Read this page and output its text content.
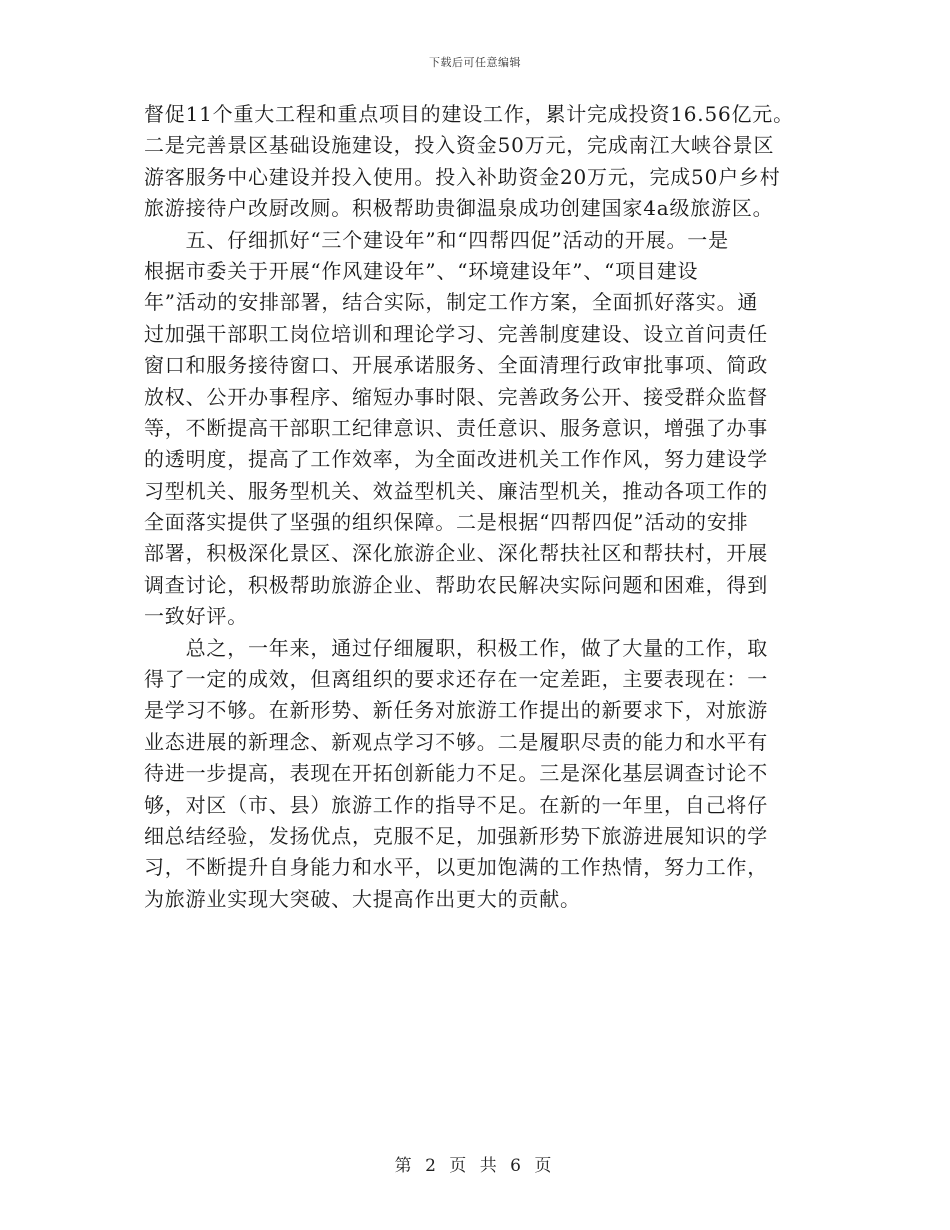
下载后可任意编辑
督促11个重大工程和重点项目的建设工作，累计完成投资16.56亿元。
二是完善景区基础设施建设，投入资金50万元，完成南江大峡谷景区
游客服务中心建设并投入使用。投入补助资金20万元，完成50户乡村
旅游接待户改厨改厕。积极帮助贵御温泉成功创建国家4a级旅游区。
　　五、仔细抓好“三个建设年”和“四帮四促”活动的开展。一是
根据市委关于开展“作风建设年”、“环境建设年”、“项目建设
年”活动的安排部署，结合实际，制定工作方案，全面抓好落实。通
过加强干部职工岗位培训和理论学习、完善制度建设、设立首问责任
窗口和服务接待窗口、开展承诺服务、全面清理行政审批事项、简政
放权、公开办事程序、缩短办事时限、完善政务公开、接受群众监督
等，不断提高干部职工纪律意识、责任意识、服务意识，增强了办事
的透明度，提高了工作效率，为全面改进机关工作作风，努力建设学
习型机关、服务型机关、效益型机关、廉洁型机关，推动各项工作的
全面落实提供了坚强的组织保障。二是根据“四帮四促”活动的安排
部署，积极深化景区、深化旅游企业、深化帮扶社区和帮扶村，开展
调查讨论，积极帮助旅游企业、帮助农民解决实际问题和困难，得到
一致好评。
　　总之，一年来，通过仔细履职，积极工作，做了大量的工作，取
得了一定的成效，但离组织的要求还存在一定差距，主要表现在：一
是学习不够。在新形势、新任务对旅游工作提出的新要求下，对旅游
业态进展的新理念、新观点学习不够。二是履职尽责的能力和水平有
待进一步提高，表现在开拓创新能力不足。三是深化基层调查讨论不
够，对区（市、县）旅游工作的指导不足。在新的一年里，自己将仔
细总结经验，发扬优点，克服不足，加强新形势下旅游进展知识的学
习，不断提升自身能力和水平，以更加饱满的工作热情，努力工作，
为旅游业实现大突破、大提高作出更大的贡献。
第 2 页 共 6 页
